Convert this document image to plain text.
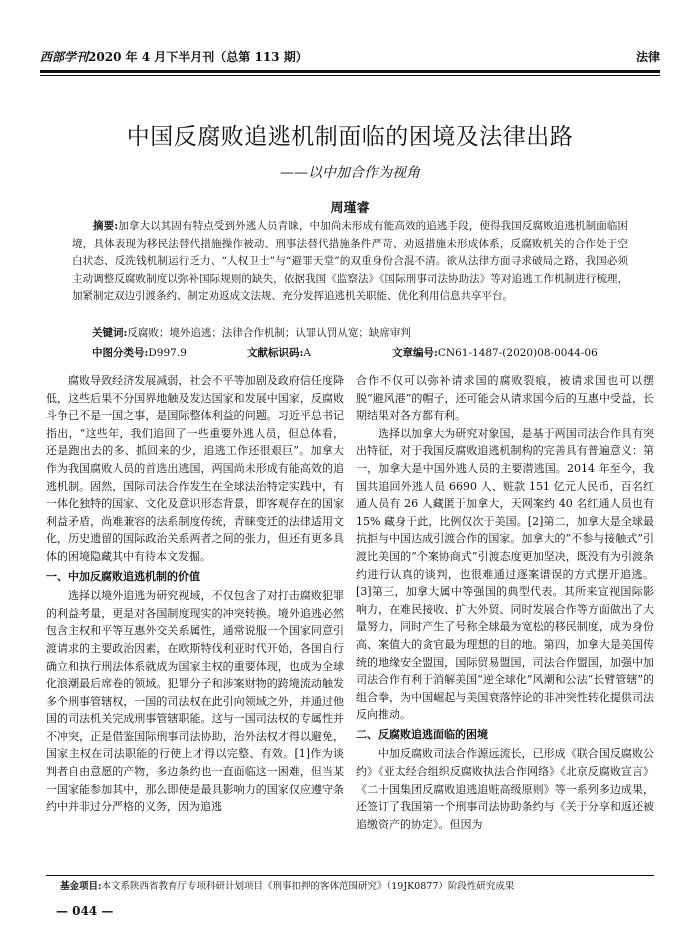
西部学刊2020 年 4 月下半月刊（总第 113 期）	法律
中国反腐败追逃机制面临的困境及法律出路
——以中加合作为视角
周瑾睿
摘要:加拿大以其固有特点受到外逃人员青睐，中加尚未形成有能高效的追逃手段，使得我国反腐败追逃机制面临困境，具体表现为移民法替代措施操作被动、刑事法替代措施条件严苛、劝返措施未形成体系，反腐败机关的合作处于空白状态、反洗钱机制运行乏力、“人权卫士”与“避罪天堂”的双重身份合混不清。欲从法律方面寻求破局之路，我国必须主动调整反腐败制度以弥补国际规则的缺失，依据我国《监察法》《国际刑事司法协助法》等对追逃工作机制进行梳理，加紧制定双边引渡条约、制定劝返成文法规、充分发挥追逃机关职能、优化利用信息共享平台。
关键词:反腐败；境外追逃；法律合作机制；认罪认罚从宽；缺席审判
中图分类号:D997.9	文献标识码:A	文章编号:CN61-1487-(2020)08-0044-06

腐败导致经济发展减弱，社会不平等加剧及政府信任度降低，这些后果不分国界地触及发达国家和发展中国家，反腐败斗争已不是一国之事，是国际整体利益的问题。习近平总书记指出，“这些年，我们追回了一些重要外逃人员，但总体看，还是跑出去的多、抓回来的少，追逃工作还很艰巨”。加拿大作为我国腐败人员的首选出逃国，两国尚未形成有能高效的追逃机制。固然，国际司法合作发生在全球法治特定实践中，有一体化独特的国家、文化及意识形态背景，即客观存在的国家利益矛盾，尚难兼容的法系制度传统，青睐变迁的法律适用文化，历史遗留的国际政治关系两者之间的张力，但还有更多具体的困境隐藏其中有待本文发掘。

一、中加反腐败追逃机制的价值

选择以境外追逃为研究视域，不仅包含了对打击腐败犯罪的利益考量，更是对各国制度现实的冲突转换。境外追逃必然包含主权和平等互惠外交关系属性，通常说服一个国家同意引渡请求的主要政治因素，在欧斯特伐利亚时代开始，各国自行确立和执行刑法体系就成为国家主权的重要体现，也成为全球化浪潮最后席卷的领域。犯罪分子和涉案财物的跨境流动触发多个刑事管辖权，一国的司法权在此引向领域之外，并通过他国的司法机关完成刑事管辖职能。这与一国司法权的专属性并不冲突，正是借鉴国际刑事司法协助，治外法权才得以避免，国家主权在司法职能的行使上才得以完整、有效。[1]作为谈判者自由意愿的产物，多边条约也一直面临这一困难，但当某一国家能参加其中，那么即使是最具影响力的国家仅应遵守条约中并非过分严格的义务，因为追逃

合作不仅可以弥补请求国的腐败裂痕，被请求国也可以摆脱“避风港”的帽子，还可能会从请求国今后的互惠中受益，长期结果对各方都有利。

选择以加拿大为研究对象国，是基于两国司法合作具有突出特征，对于我国反腐败追逃机制构的完善具有普遍意义：第一，加拿大是中国外逃人员的主要潜逃国。2014 年至今，我国共追回外逃人员 6690 人、赃款 151 亿元人民币，百名红通人员有 26 人藏匿于加拿大，天网案约 40 名红通人员也有 15% 藏身于此，比例仅次于美国。[2]第二，加拿大是全球最抗拒与中国达成引渡合作的国家。加拿大的“不参与接触式”引渡比美国的“个案协商式”引渡态度更加坚决，既没有为引渡条约进行认真的谈判，也很难通过逐案谱误的方式摆开追逃。[3]第三，加拿大属中等强国的典型代表。其所来宣视国际影响力，在难民接收、扩大外贸、同时发展合作等方面做出了大量努力，同时产生了号称全球最为宽松的移民制度，成为身份高、案值大的贪官最为理想的目的地。第四，加拿大是美国传统的地缘安全盟国，国际贸易盟国，司法合作盟国，加强中加司法合作有利于消解美国“逆全球化”风潮和公法“长臂管辖”的组合拳，为中国崛起与美国衰落悖论的非冲突性转化提供司法反向推动。

二、反腐败追逃面临的困境

中加反腐败司法合作源远流长，已形成《联合国反腐败公约》《亚太经合组织反腐败执法合作网络》《北京反腐败宣言》《二十国集团反腐败追逃追赃高级原则》等一系列多边成果，还签订了我国第一个刑事司法协助条约与《关于分享和返还被追缴资产的协定》。但因为

基金项目:本文系陕西省教育厅专项科研计划项目《刑事扣押的客体范围研究》（19JK0877）阶段性研究成果
— 044 —
